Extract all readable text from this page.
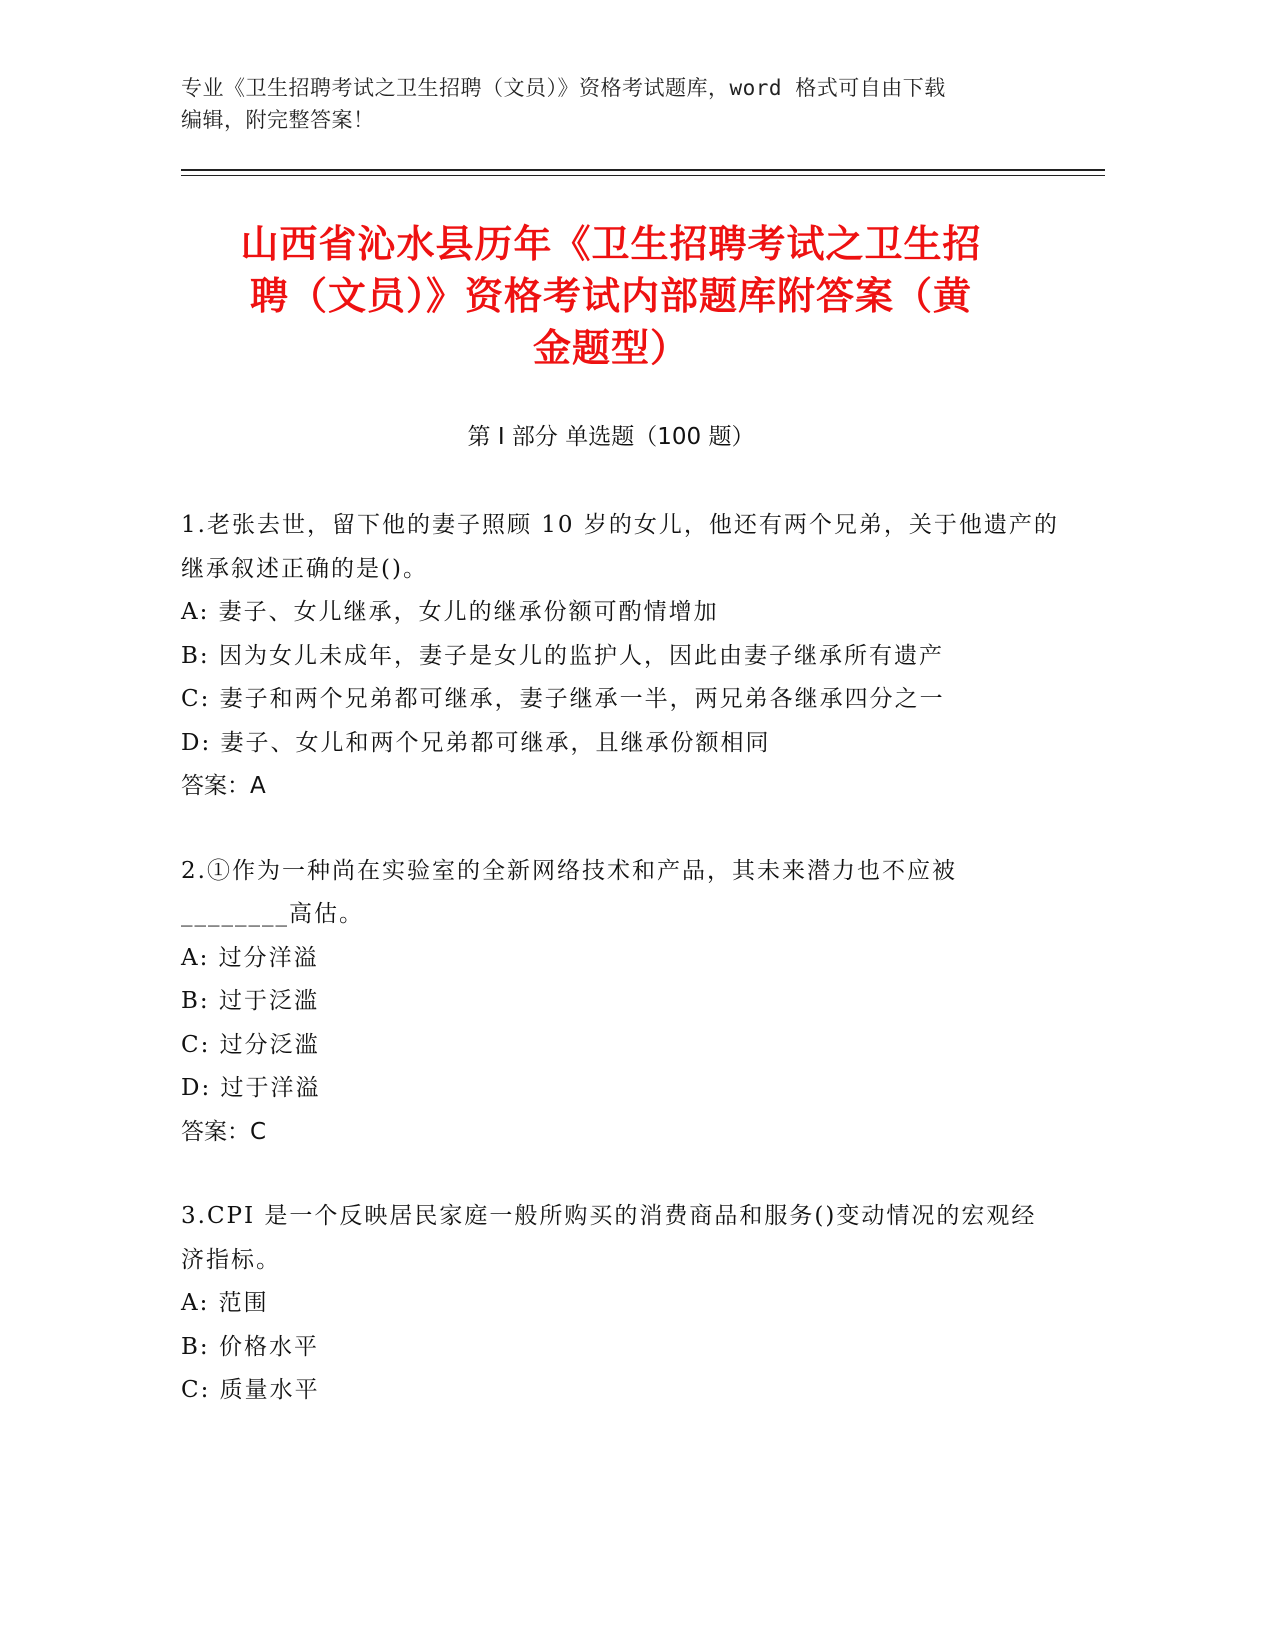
专业《卫生招聘考试之卫生招聘（文员）》资格考试题库，word 格式可自由下载
编辑，附完整答案！
山西省沁水县历年《卫生招聘考试之卫生招
聘（文员）》资格考试内部题库附答案（黄
金题型）
第 I 部分 单选题（100 题）
1.老张去世，留下他的妻子照顾 10 岁的女儿，他还有两个兄弟，关于他遗产的继承叙述正确的是()。
A: 妻子、女儿继承，女儿的继承份额可酌情增加
B: 因为女儿未成年，妻子是女儿的监护人，因此由妻子继承所有遗产
C: 妻子和两个兄弟都可继承，妻子继承一半，两兄弟各继承四分之一
D: 妻子、女儿和两个兄弟都可继承，且继承份额相同
答案：A
2.①作为一种尚在实验室的全新网络技术和产品，其未来潜力也不应被________高估。
A: 过分洋溢
B: 过于泛滥
C: 过分泛滥
D: 过于洋溢
答案：C
3.CPI 是一个反映居民家庭一般所购买的消费商品和服务()变动情况的宏观经济指标。
A: 范围
B: 价格水平
C: 质量水平
